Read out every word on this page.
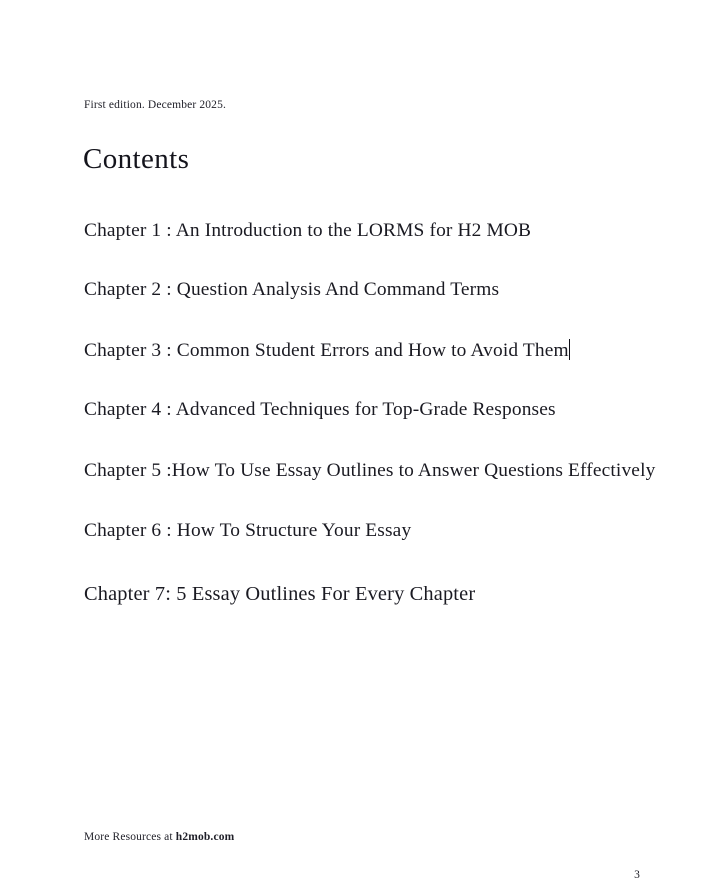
First edition. December 2025.
Contents
Chapter 1 : An Introduction to the LORMS for H2 MOB
Chapter 2 : Question Analysis And Command Terms
Chapter 3 : Common Student Errors and How to Avoid Them
Chapter 4 : Advanced Techniques for Top-Grade Responses
Chapter 5 :How To Use Essay Outlines to Answer Questions Effectively
Chapter 6 : How To Structure Your Essay
Chapter 7: 5 Essay Outlines For Every Chapter
More Resources at h2mob.com
3
